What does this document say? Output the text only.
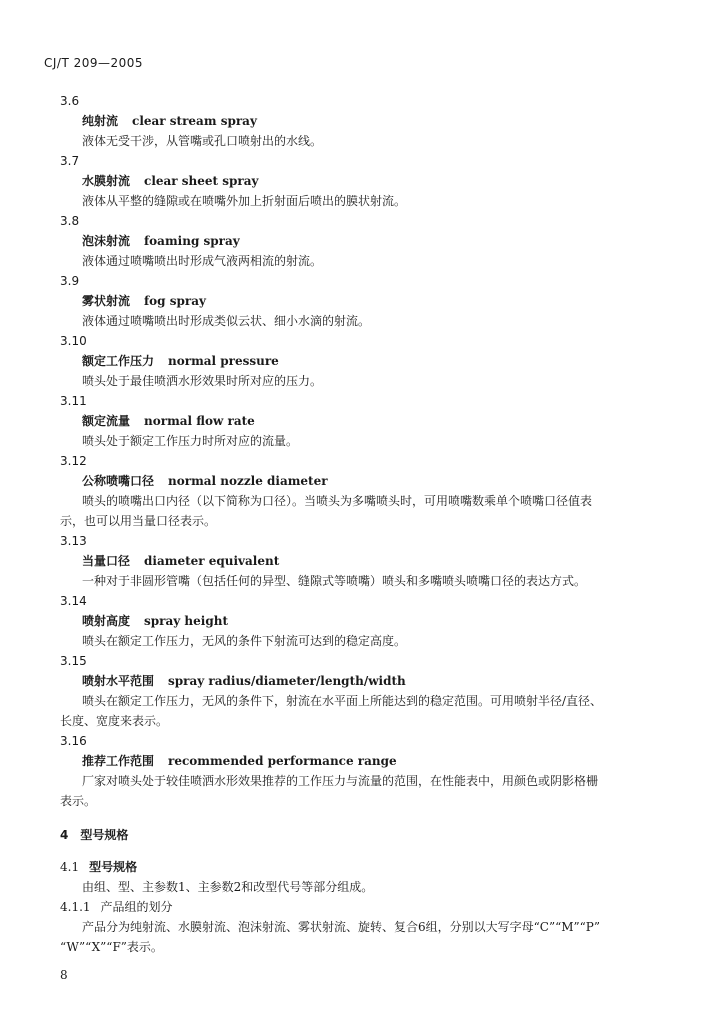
CJ/T 209—2005
3.6
纯射流 clear stream spray
液体无受干涉，从管嘴或孔口喷射出的水线。
3.7
水膜射流 clear sheet spray
液体从平整的缝隙或在喷嘴外加上折射面后喷出的膜状射流。
3.8
泡沫射流 foaming spray
液体通过喷嘴喷出时形成气液两相流的射流。
3.9
雾状射流 fog spray
液体通过喷嘴喷出时形成类似云状、细小水滴的射流。
3.10
额定工作压力 normal pressure
喷头处于最佳喷洒水形效果时所对应的压力。
3.11
额定流量 normal flow rate
喷头处于额定工作压力时所对应的流量。
3.12
公称喷嘴口径 normal nozzle diameter
喷头的喷嘴出口内径（以下简称为口径）。当喷头为多嘴喷头时，可用喷嘴数乘单个喷嘴口径值表
示，也可以用当量口径表示。
3.13
当量口径 diameter equivalent
一种对于非圆形管嘴（包括任何的异型、缝隙式等喷嘴）喷头和多嘴喷头喷嘴口径的表达方式。
3.14
喷射高度 spray height
喷头在额定工作压力，无风的条件下射流可达到的稳定高度。
3.15
喷射水平范围 spray radius/diameter/length/width
喷头在额定工作压力，无风的条件下，射流在水平面上所能达到的稳定范围。可用喷射半径/直径、
长度、宽度来表示。
3.16
推荐工作范围 recommended performance range
厂家对喷头处于较佳喷洒水形效果推荐的工作压力与流量的范围，在性能表中，用颜色或阴影格栅
表示。
4 型号规格
4.1 型号规格
由组、型、主参数1、主参数2和改型代号等部分组成。
4.1.1 产品组的划分
产品分为纯射流、水膜射流、泡沫射流、雾状射流、旋转、复合6组，分别以大写字母“C”“M”“P”
“W”“X”“F”表示。
8
